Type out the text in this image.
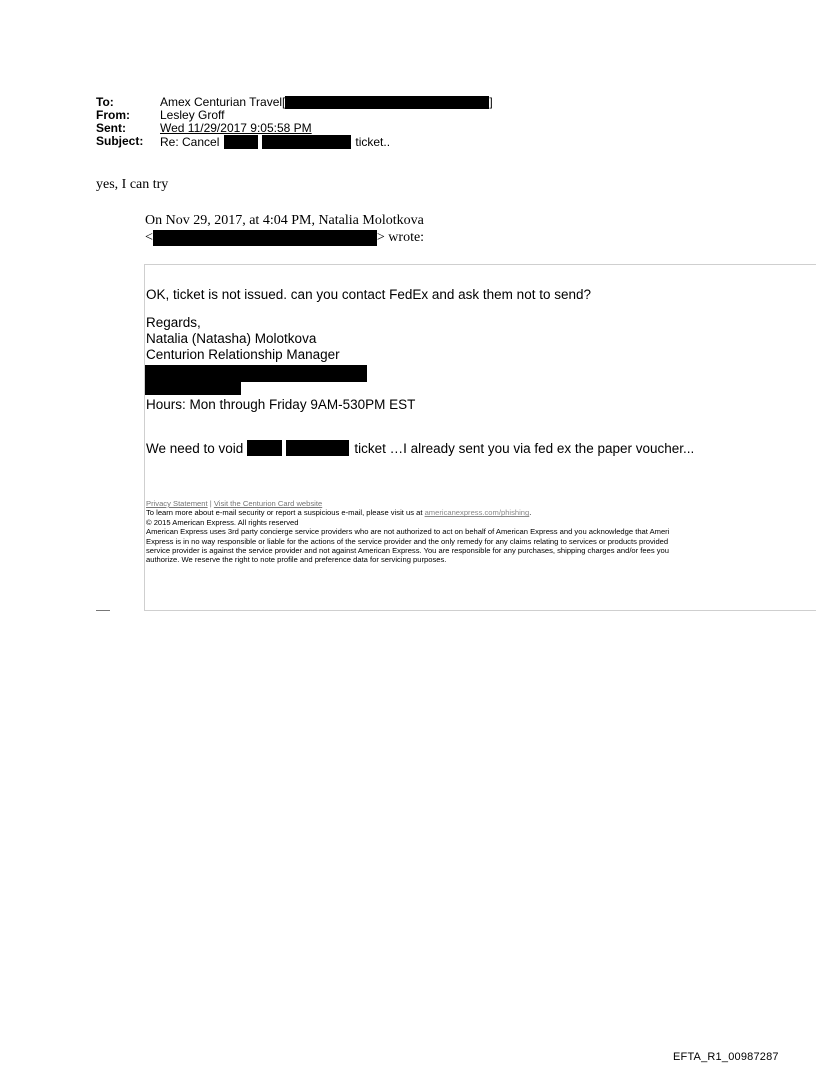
To:	Amex Centurian Travel[	]
From:	Lesley Groff
Sent:	Wed 11/29/2017 9:05:58 PM
Subject:	Re: Cancel	ticket..
yes, I can try
On Nov 29, 2017, at 4:04 PM, Natalia Molotkova
<	> wrote:
OK, ticket is not issued. can you contact FedEx and ask them not to send?
Regards,
Natalia (Natasha) Molotkova
Centurion Relationship Manager
Hours: Mon through Friday 9AM-530PM EST
We need to void	ticket …I already sent you via fed ex the paper voucher...

Privacy Statement | Visit the Centurion Card website

To learn more about e-mail security or report a suspicious e-mail, please visit us at americanexpress.com/phishing.

© 2015 American Express. All rights reserved

American Express uses 3rd party concierge service providers who are not authorized to act on behalf of American Express and you acknowledge that Ameri

Express is in no way responsible or liable for the actions of the service provider and the only remedy for any claims relating to services or products provided

service provider is against the service provider and not against American Express. You are responsible for any purchases, shipping charges and/or fees you

authorize. We reserve the right to note profile and preference data for servicing purposes.

EFTA_R1_00987287
